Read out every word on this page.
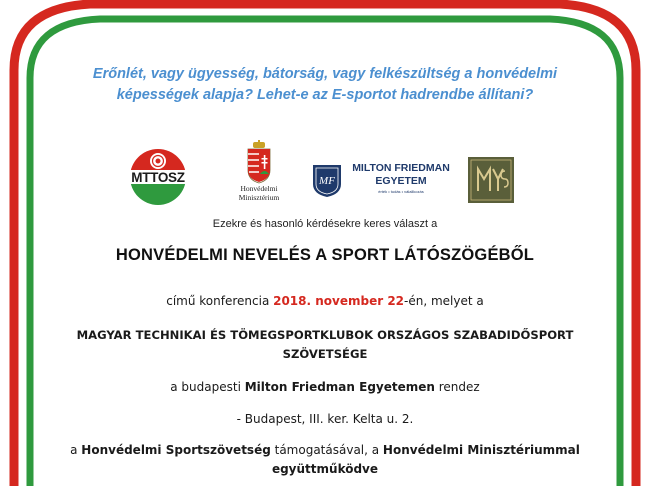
Erőnlét, vagy ügyesség, bátorság, vagy felkészültség a honvédelmi
képességek alapja? Lehet-e az E-sportot hadrendbe állítani?
MTTOSZ
Honvédelmi
Minisztérium
MF
MILTON FRIEDMAN
EGYETEM
érték • tudás • válallkozás
Ezekre és hasonló kérdésekre keres választ a
HONVÉDELMI NEVELÉS A SPORT LÁTÓSZÖGÉBŐL
című konferencia 2018. november 22-én, melyet a
MAGYAR TECHNIKAI ÉS TÖMEGSPORTKLUBOK ORSZÁGOS SZABADIDŐSPORT
SZÖVETSÉGE
a budapesti Milton Friedman Egyetemen rendez
- Budapest, III. ker. Kelta u. 2.
a Honvédelmi Sportszövetség támogatásával, a Honvédelmi Minisztériummal
együttműködve
